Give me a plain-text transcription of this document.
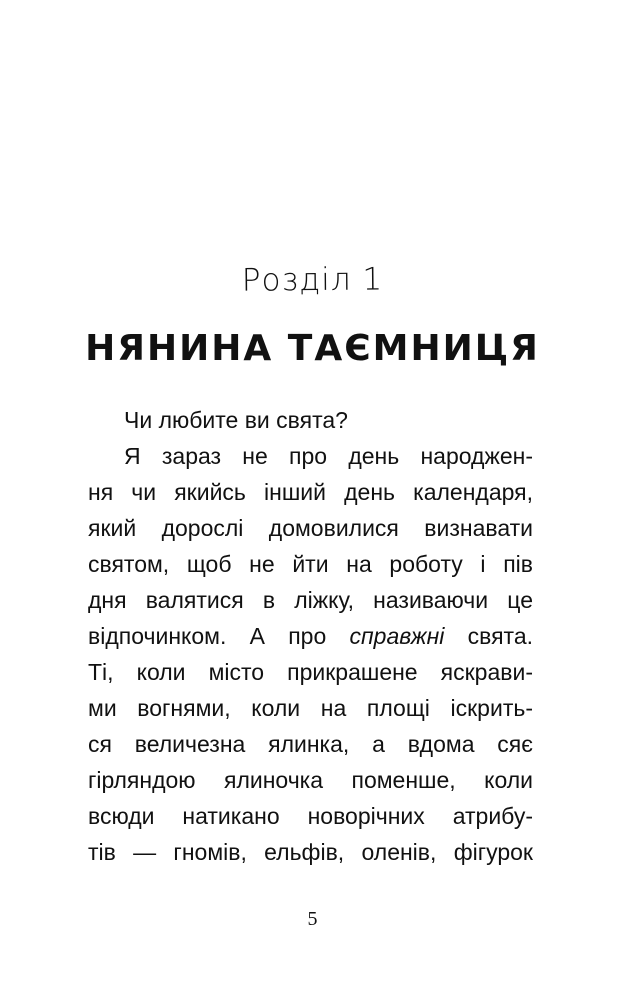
Розділ 1
НЯНИНА ТАЄМНИЦЯ
Чи любите ви свята?
Я зараз не про день народжен-
ня чи якийсь інший день календаря,
який дорослі домовилися визнавати
святом, щоб не йти на роботу і пів
дня валятися в ліжку, називаючи це
відпочинком. А про справжні свята.
Ті, коли місто прикрашене яскрави-
ми вогнями, коли на площі іскрить-
ся величезна ялинка, а вдома сяє
гірляндою ялиночка поменше, коли
всюди натикано новорічних атрибу-
тів — гномів, ельфів, оленів, фігурок
5
